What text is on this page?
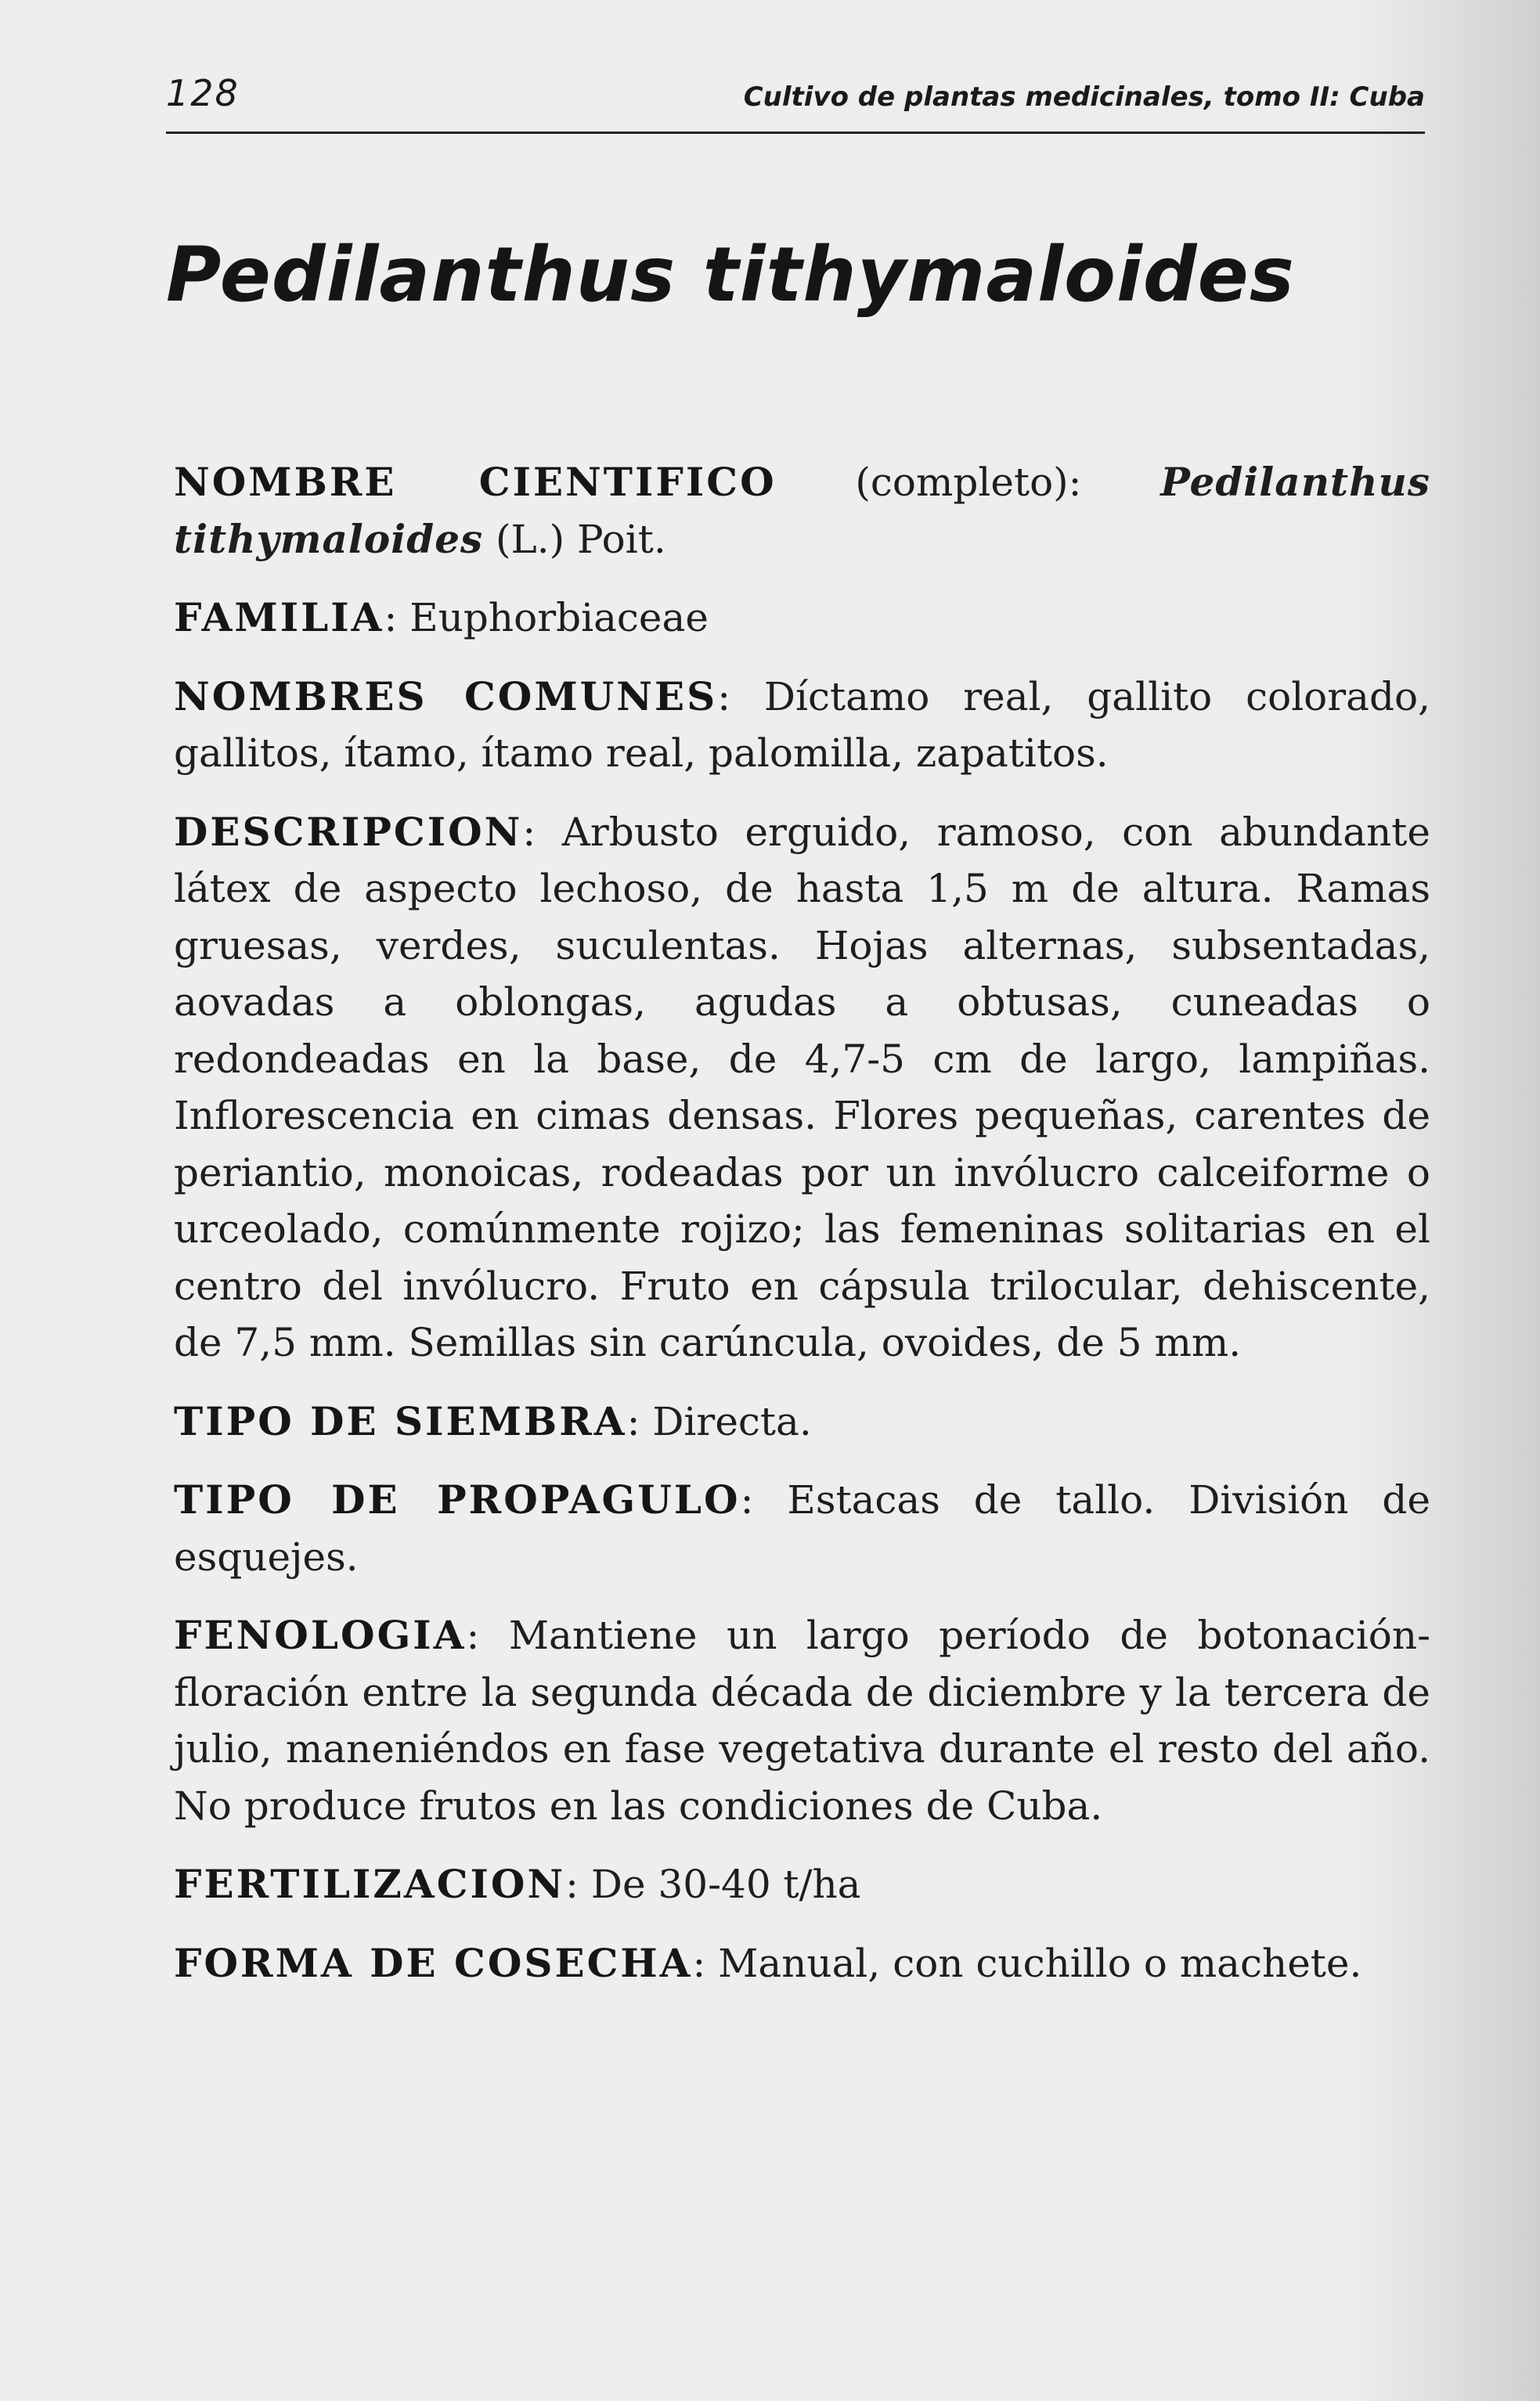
128	Cultivo de plantas medicinales, tomo II: Cuba
Pedilanthus tithymaloides

NOMBRE CIENTIFICO (completo): Pedilanthus tithymaloides (L.) Poit.

FAMILIA: Euphorbiaceae

NOMBRES COMUNES: Díctamo real, gallito colorado, gallitos, ítamo, ítamo real, palomilla, zapatitos.

DESCRIPCION: Arbusto erguido, ramoso, con abundante látex de aspecto lechoso, de hasta 1,5 m de altura. Ramas gruesas, verdes, suculentas. Hojas alternas, subsentadas, aovadas a oblongas, agudas a obtusas, cuneadas o redondeadas en la base, de 4,7-5 cm de largo, lampiñas. Inflorescencia en cimas densas. Flores pequeñas, carentes de periantio, monoicas, rodeadas por un invólucro calceiforme o urceolado, comúnmente rojizo; las femeninas solitarias en el centro del invólucro. Fruto en cápsula trilocular, dehiscente, de 7,5 mm. Semillas sin carúncula, ovoides, de 5 mm.

TIPO DE SIEMBRA: Directa.

TIPO DE PROPAGULO: Estacas de tallo. División de esquejes.

FENOLOGIA: Mantiene un largo período de botonación-floración entre la segunda década de diciembre y la tercera de julio, maneniéndos en fase vegetativa durante el resto del año. No produce frutos en las condiciones de Cuba.

FERTILIZACION: De 30-40 t/ha

FORMA DE COSECHA: Manual, con cuchillo o machete.
